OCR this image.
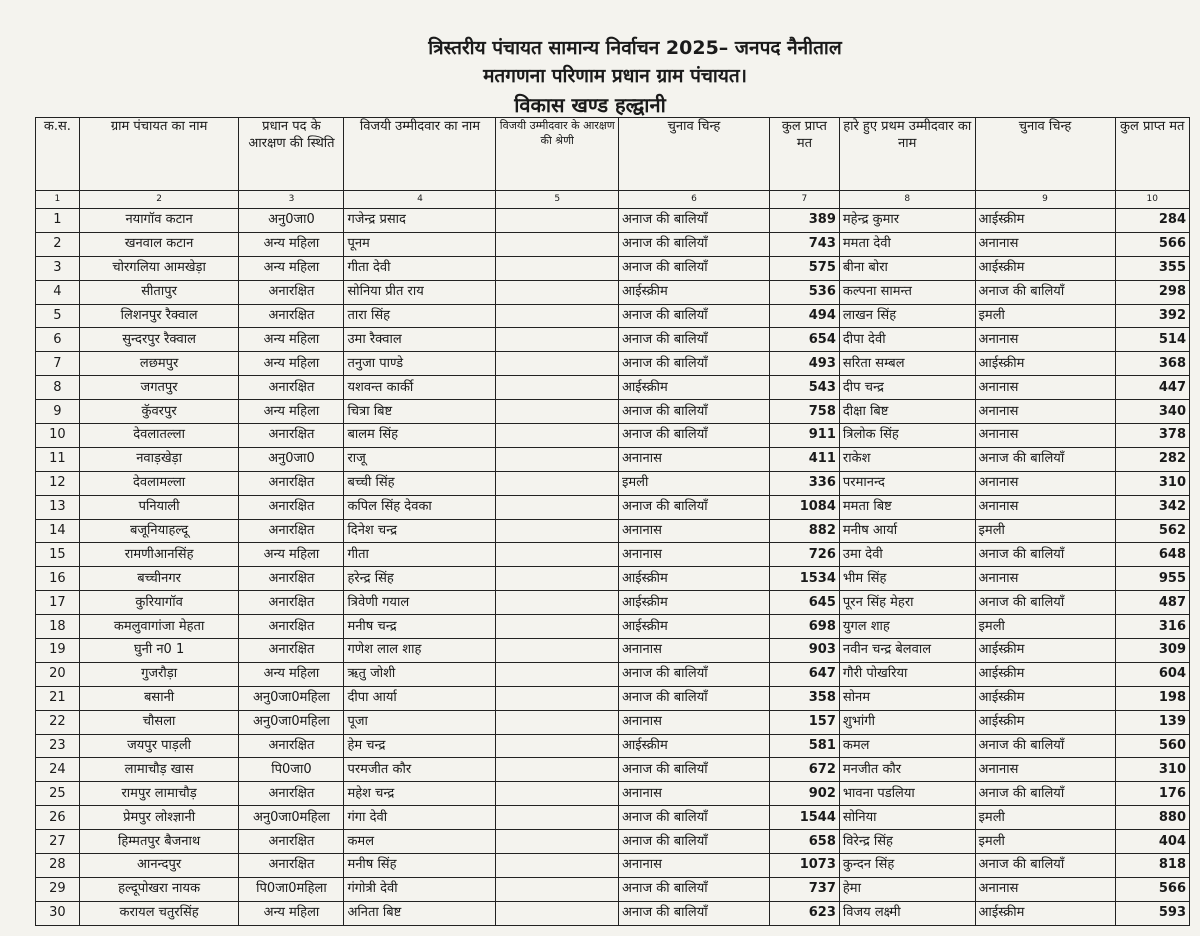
त्रिस्तरीय पंचायत सामान्य निर्वाचन 2025– जनपद नैनीताल
मतगणना परिणाम प्रधान ग्राम पंचायत।
विकास खण्ड हल्द्वानी
क.स.	ग्राम पंचायत का नाम	प्रधान पद के आरक्षण की स्थिति	विजयी उम्मीदवार का नाम	विजयी उम्मीदवार के आरक्षण की श्रेणी	चुनाव चिन्ह	कुल प्राप्त मत	हारे हुए प्रथम उम्मीदवार का नाम	चुनाव चिन्ह	कुल प्राप्त मत
1	2	3	4	5	6	7	8	9	10
1	नयागॉव कटान	अनु0जा0	गजेन्द्र प्रसाद		अनाज की बालियॉं	389	महेन्द्र कुमार	आईस्क्रीम	284
2	खनवाल कटान	अन्य महिला	पूनम		अनाज की बालियॉं	743	ममता देवी	अनानास	566
3	चोरगलिया आमखेड़ा	अन्य महिला	गीता देवी		अनाज की बालियॉं	575	बीना बोरा	आईस्क्रीम	355
4	सीतापुर	अनारक्षित	सोनिया प्रीत राय		आईस्क्रीम	536	कल्पना सामन्त	अनाज की बालियॉं	298
5	लिशनपुर रैक्वाल	अनारक्षित	तारा सिंह		अनाज की बालियॉं	494	लाखन सिंह	इमली	392
6	सुन्दरपुर रैक्वाल	अन्य महिला	उमा रैक्वाल		अनाज की बालियॉं	654	दीपा देवी	अनानास	514
7	लछमपुर	अन्य महिला	तनुजा पाण्डे		अनाज की बालियॉं	493	सरिता सम्बल	आईस्क्रीम	368
8	जगतपुर	अनारक्षित	यशवन्त कार्की		आईस्क्रीम	543	दीप चन्द्र	अनानास	447
9	कुॅवरपुर	अन्य महिला	चित्रा बिष्ट		अनाज की बालियॉं	758	दीक्षा बिष्ट	अनानास	340
10	देवलातल्ला	अनारक्षित	बालम सिंह		अनाज की बालियॉं	911	त्रिलोक सिंह	अनानास	378
11	नवाड़खेड़ा	अनु0जा0	राजू		अनानास	411	राकेश	अनाज की बालियॉं	282
12	देवलामल्ला	अनारक्षित	बच्ची सिंह		इमली	336	परमानन्द	अनानास	310
13	पनियाली	अनारक्षित	कपिल सिंह देवका		अनाज की बालियॉं	1084	ममता बिष्ट	अनानास	342
14	बजूनियाहल्दू	अनारक्षित	दिनेश चन्द्र		अनानास	882	मनीष आर्या	इमली	562
15	रामणीआनसिंह	अन्य महिला	गीता		अनानास	726	उमा देवी	अनाज की बालियॉं	648
16	बच्चीनगर	अनारक्षित	हरेन्द्र सिंह		आईस्क्रीम	1534	भीम सिंह	अनानास	955
17	कुरियागॉव	अनारक्षित	त्रिवेणी गयाल		आईस्क्रीम	645	पूरन सिंह मेहरा	अनाज की बालियॉं	487
18	कमलुवागांजा मेहता	अनारक्षित	मनीष चन्द्र		आईस्क्रीम	698	युगल शाह	इमली	316
19	घुनी न0 1	अनारक्षित	गणेश लाल शाह		अनानास	903	नवीन चन्द्र बेलवाल	आईस्क्रीम	309
20	गुजरौड़ा	अन्य महिला	ऋतु जोशी		अनाज की बालियॉं	647	गौरी पोखरिया	आईस्क्रीम	604
21	बसानी	अनु0जा0महिला	दीपा आर्या		अनाज की बालियॉं	358	सोनम	आईस्क्रीम	198
22	चौसला	अनु0जा0महिला	पूजा		अनानास	157	शुभांगी	आईस्क्रीम	139
23	जयपुर पाड़ली	अनारक्षित	हेम चन्द्र		आईस्क्रीम	581	कमल	अनाज की बालियॉं	560
24	लामाचौड़ खास	पि0जा0	परमजीत कौर		अनाज की बालियॉं	672	मनजीत कौर	अनानास	310
25	रामपुर लामाचौड़	अनारक्षित	महेश चन्द्र		अनानास	902	भावना पडलिया	अनाज की बालियॉं	176
26	प्रेमपुर लोश्ज्ञानी	अनु0जा0महिला	गंगा देवी		अनाज की बालियॉं	1544	सोनिया	इमली	880
27	हिम्मतपुर बैजनाथ	अनारक्षित	कमल		अनाज की बालियॉं	658	विरेन्द्र सिंह	इमली	404
28	आनन्दपुर	अनारक्षित	मनीष सिंह		अनानास	1073	कुन्दन सिंह	अनाज की बालियॉं	818
29	हल्दूपोखरा नायक	पि0जा0महिला	गंगोत्री देवी		अनाज की बालियॉं	737	हेमा	अनानास	566
30	करायल चतुरसिंह	अन्य महिला	अनिता बिष्ट		अनाज की बालियॉं	623	विजय लक्ष्मी	आईस्क्रीम	593
